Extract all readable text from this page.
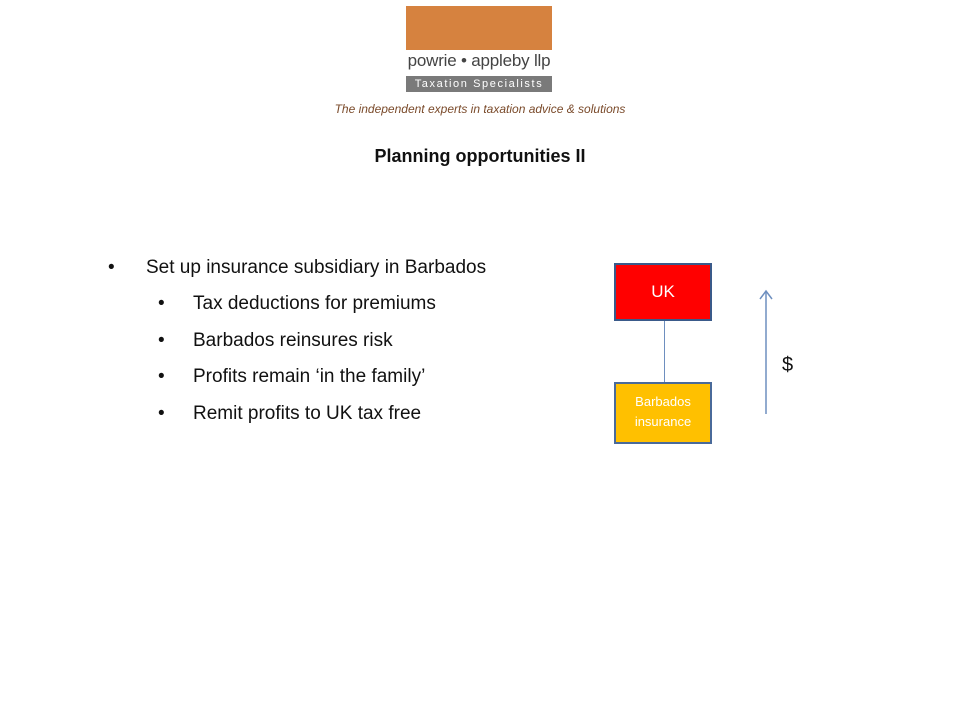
powrie • appleby llp
Taxation Specialists
The independent experts in taxation advice & solutions
Planning opportunities II
• Set up insurance subsidiary in Barbados
• Tax deductions for premiums
• Barbados reinsures risk
• Profits remain ‘in the family’
• Remit profits to UK tax free
UK
Barbados
insurance
$
